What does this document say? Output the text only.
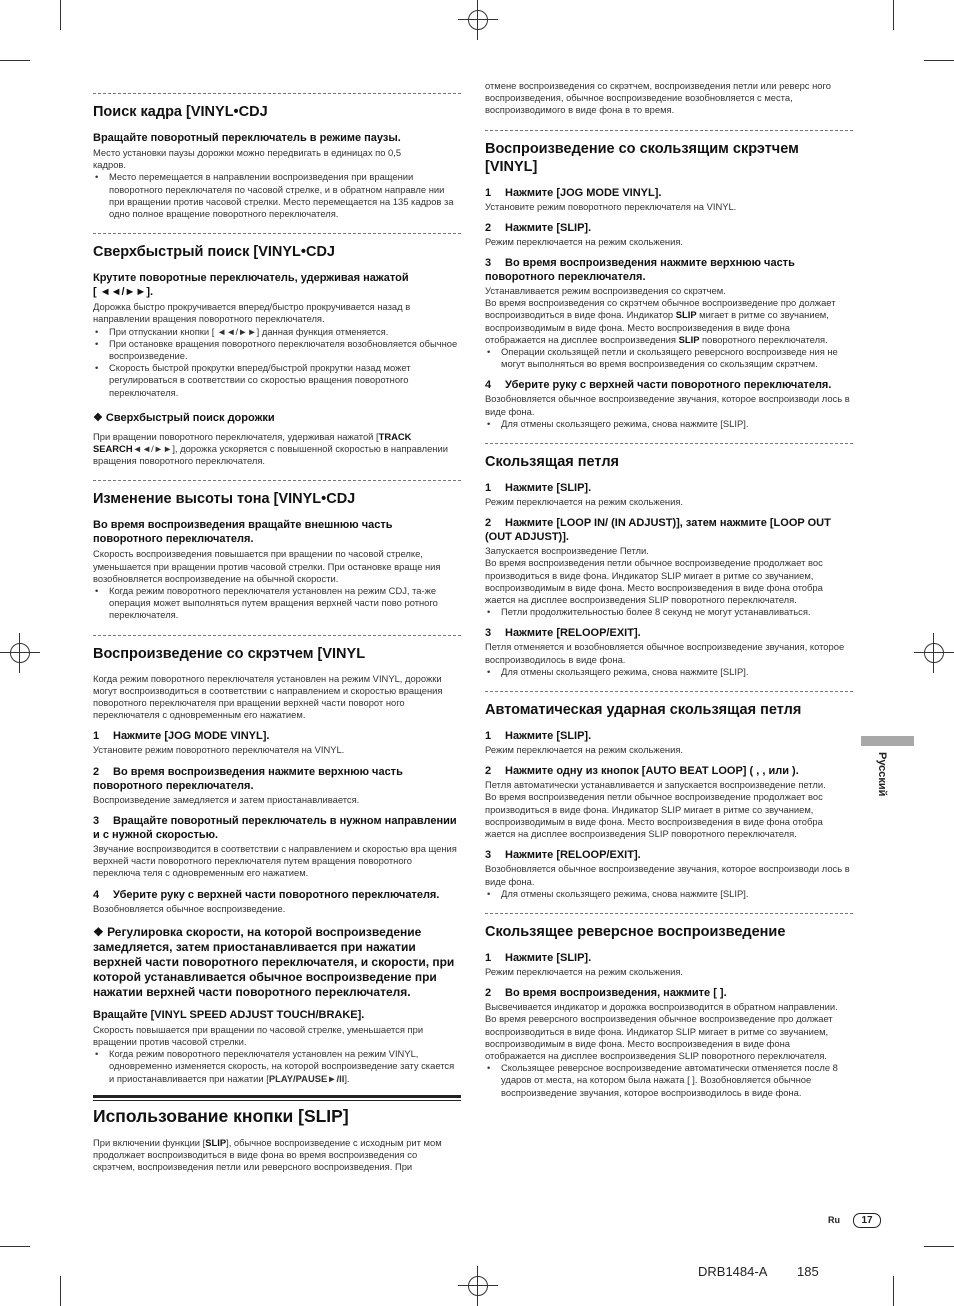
Поиск кадра [VINYL•CDJ
Вращайте поворотный переключатель в режиме паузы.

Место установки паузы дорожки можно передвигать в единицах по 0,5

кадров.

• Место перемещается в направлении воспроизведения при вращении поворотного переключателя по часовой стрелке, и в обратном направле нии при вращении против часовой стрелки. Место перемещается на 135 кадров за одно полное вращение поворотного переключателя.
Сверхбыстрый поиск [VINYL•CDJ
Крутите поворотные переключатель, удерживая нажатой
[ ◄◄/►►].

Дорожка быстро прокручивается вперед/быстро прокручивается назад в направлении вращения поворотного переключателя.

• При отпускании кнопки [ ◄◄/►►] данная функция отменяется.
• При остановке вращения поворотного переключателя возобновляется обычное воспроизведение.
• Скорость быстрой прокрутки вперед/быстрой прокрутки назад может регулироваться в соответствии со скоростью вращения поворотного переключателя.
❖ Сверхбыстрый поиск дорожки

При вращении поворотного переключателя, удерживая нажатой [TRACK SEARCH◄◄/►►], дорожка ускоряется с повышенной скоростью в направлении вращения поворотного переключателя.

Изменение высоты тона [VINYL•CDJ
Во время воспроизведения вращайте внешнюю часть поворотного переключателя.

Скорость воспроизведения повышается при вращении по часовой стрелке, уменьшается при вращении против часовой стрелки. При остановке враще ния возобновляется воспроизведение на обычной скорости.

• Когда режим поворотного переключателя установлен на режим CDJ, та-же операция может выполняться путем вращения верхней части пово ротного переключателя.
Воспроизведение со скрэтчем [VINYL

Когда режим поворотного переключателя установлен на режим VINYL, дорожки могут воспроизводиться в соответствии с направлением и скоростью вращения поворотного переключателя при вращении верхней части поворот ного переключателя с одновременным его нажатием.

1 Нажмите [JOG MODE VINYL].

Установите режим поворотного переключателя на VINYL.

2 Во время воспроизведения нажмите верхнюю часть поворотного переключателя.

Воспроизведение замедляется и затем приостанавливается.

3 Вращайте поворотный переключатель в нужном направлении и с нужной скоростью.

Звучание воспроизводится в соответствии с направлением и скоростью вра щения верхней части поворотного переключателя путем вращения поворотного переключа теля с одновременным его нажатием.

4 Уберите руку с верхней части поворотного переключателя.

Возобновляется обычное воспроизведение.

❖ Регулировка скорости, на которой воспроизведение замедляется, затем приостанавливается при нажатии верхней части поворотного переключателя, и скорости, при которой устанавливается обычное воспроизведение при нажатии верхней части поворотного переключателя.
Вращайте [VINYL SPEED ADJUST TOUCH/BRAKE].

Скорость повышается при вращении по часовой стрелке, уменьшается при вращении против часовой стрелки.

• Когда режим поворотного переключателя установлен на режим VINYL, одновременно изменяется скорость, на которой воспроизведение зату скается и приостанавливается при нажатии [PLAY/PAUSE►/II].
Использование кнопки [SLIP]

При включении функции [SLIP], обычное воспроизведение с исходным рит мом продолжает воспроизводиться в виде фона во время воспроизведения со скрэтчем, воспроизведения петли или реверсного воспроизведения. При

отмене воспроизведения со скрэтчем, воспроизведения петли или реверс ного воспроизведения, обычное воспроизведение возобновляется с места, воспроизводимого в виде фона в то время.

Воспроизведение со скользящим скрэтчем [VINYL]
1 Нажмите [JOG MODE VINYL].

Установите режим поворотного переключателя на VINYL.

2 Нажмите [SLIP].

Режим переключается на режим скольжения.

3 Во время воспроизведения нажмите верхнюю часть поворотного переключателя.

Устанавливается режим воспроизведения со скрэтчем.

Во время воспроизведения со скрэтчем обычное воспроизведение про должает воспроизводиться в виде фона. Индикатор SLIP мигает в ритме со звучанием, воспроизводимым в виде фона. Место воспроизведения в виде фона отображается на дисплее воспроизведения SLIP поворотного переключателя.

• Операции скользящей петли и скользящего реверсного воспроизведе ния не могут выполняться во время воспроизведения со скользящим скрэтчем.
4 Уберите руку с верхней части поворотного переключателя.

Возобновляется обычное воспроизведение звучания, которое воспроизводи лось в виде фона.

• Для отмены скользящего режима, снова нажмите [SLIP].
Скользящая петля
1 Нажмите [SLIP].

Режим переключается на режим скольжения.

2 Нажмите [LOOP IN/ (IN ADJUST)], затем нажмите [LOOP OUT (OUT ADJUST)].

Запускается воспроизведение Петли.

Во время воспроизведения петли обычное воспроизведение продолжает вос производиться в виде фона. Индикатор SLIP мигает в ритме со звучанием, воспроизводимым в виде фона. Место воспроизведения в виде фона отобра жается на дисплее воспроизведения SLIP поворотного переключателя.

• Петли продолжительностью более 8 секунд не могут устанавливаться.
3 Нажмите [RELOOP/EXIT].

Петля отменяется и возобновляется обычное воспроизведение звучания, которое воспроизводилось в виде фона.

• Для отмены скользящего режима, снова нажмите [SLIP].
Автоматическая ударная скользящая петля
1 Нажмите [SLIP].

Режим переключается на режим скольжения.

2 Нажмите одну из кнопок [AUTO BEAT LOOP] ( , , или ).

Петля автоматически устанавливается и запускается воспроизведение петли.

Во время воспроизведения петли обычное воспроизведение продолжает вос производиться в виде фона. Индикатор SLIP мигает в ритме со звучанием, воспроизводимым в виде фона. Место воспроизведения в виде фона отобра жается на дисплее воспроизведения SLIP поворотного переключателя.

3 Нажмите [RELOOP/EXIT].

Возобновляется обычное воспроизведение звучания, которое воспроизводи лось в виде фона.

• Для отмены скользящего режима, снова нажмите [SLIP].
Скользящее реверсное воспроизведение
1 Нажмите [SLIP].

Режим переключается на режим скольжения.

2 Во время воспроизведения, нажмите [ ].

Высвечивается индикатор и дорожка воспроизводится в обратном направлении.

Во время реверсного воспроизведения обычное воспроизведение про должает воспроизводиться в виде фона. Индикатор SLIP мигает в ритме со звучанием, воспроизводимым в виде фона. Место воспроизведения в виде фона отображается на дисплее воспроизведения SLIP поворотного переключателя.

• Скользящее реверсное воспроизведение автоматически отменяется после 8 ударов от места, на котором была нажата [ ]. Возобновляется обычное воспроизведение звучания, которое воспроизводилось в виде фона.
Русский
Ru	17
DRB1484-A 185
